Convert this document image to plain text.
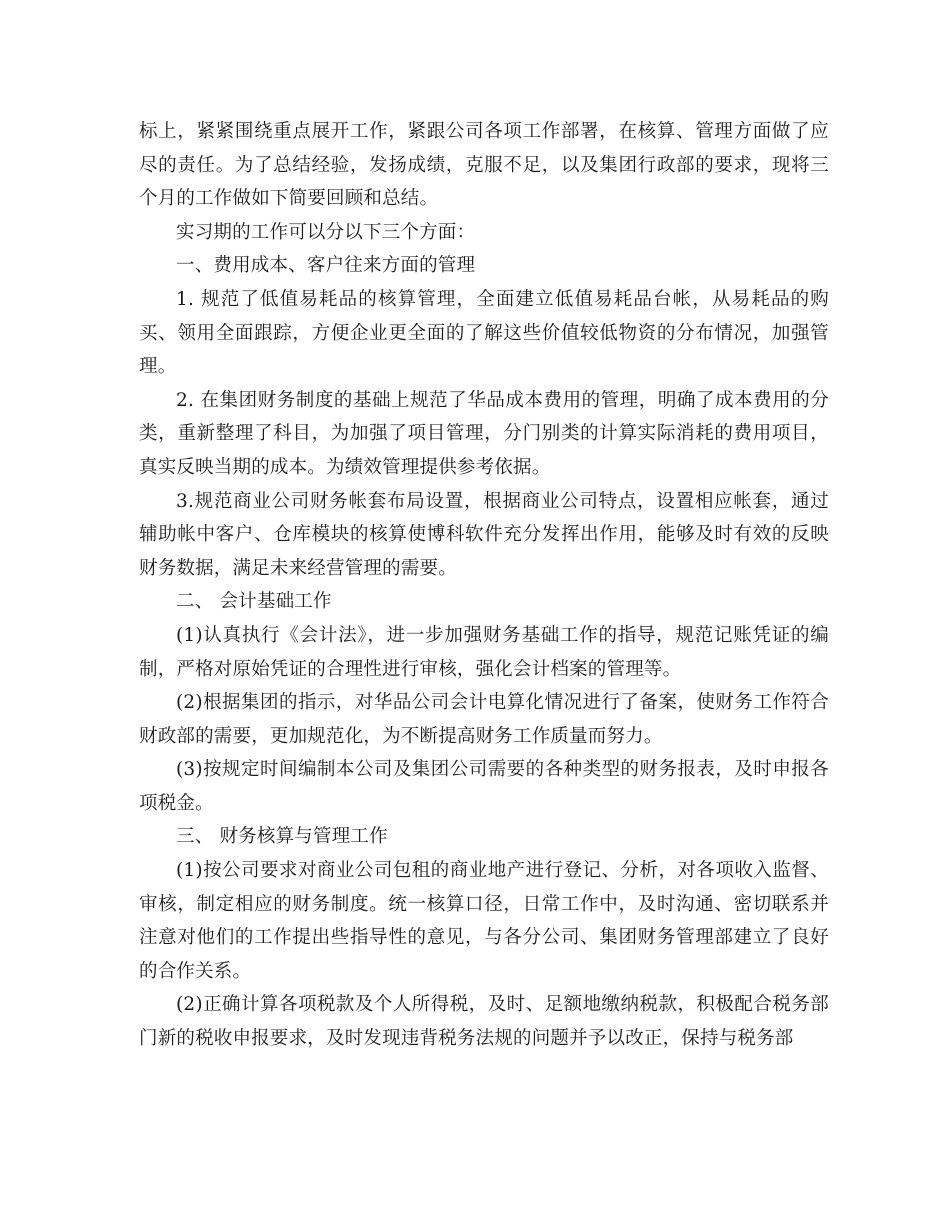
标上，紧紧围绕重点展开工作，紧跟公司各项工作部署，在核算、管理方面做了应尽的责任。为了总结经验，发扬成绩，克服不足，以及集团行政部的要求，现将三个月的工作做如下简要回顾和总结。

实习期的工作可以分以下三个方面：

一、费用成本、客户往来方面的管理

1. 规范了低值易耗品的核算管理，全面建立低值易耗品台帐，从易耗品的购买、领用全面跟踪，方便企业更全面的了解这些价值较低物资的分布情况，加强管理。

2. 在集团财务制度的基础上规范了华品成本费用的管理，明确了成本费用的分类，重新整理了科目，为加强了项目管理，分门别类的计算实际消耗的费用项目，真实反映当期的成本。为绩效管理提供参考依据。

3.规范商业公司财务帐套布局设置，根据商业公司特点，设置相应帐套，通过辅助帐中客户、仓库模块的核算使博科软件充分发挥出作用，能够及时有效的反映财务数据，满足未来经营管理的需要。

二、 会计基础工作

(1)认真执行《会计法》，进一步加强财务基础工作的指导，规范记账凭证的编制，严格对原始凭证的合理性进行审核，强化会计档案的管理等。

(2)根据集团的指示，对华品公司会计电算化情况进行了备案，使财务工作符合财政部的需要，更加规范化，为不断提高财务工作质量而努力。

(3)按规定时间编制本公司及集团公司需要的各种类型的财务报表，及时申报各项税金。

三、 财务核算与管理工作

(1)按公司要求对商业公司包租的商业地产进行登记、分析，对各项收入监督、审核，制定相应的财务制度。统一核算口径，日常工作中，及时沟通、密切联系并注意对他们的工作提出些指导性的意见，与各分公司、集团财务管理部建立了良好的合作关系。

(2)正确计算各项税款及个人所得税，及时、足额地缴纳税款，积极配合税务部门新的税收申报要求，及时发现违背税务法规的问题并予以改正，保持与税务部
